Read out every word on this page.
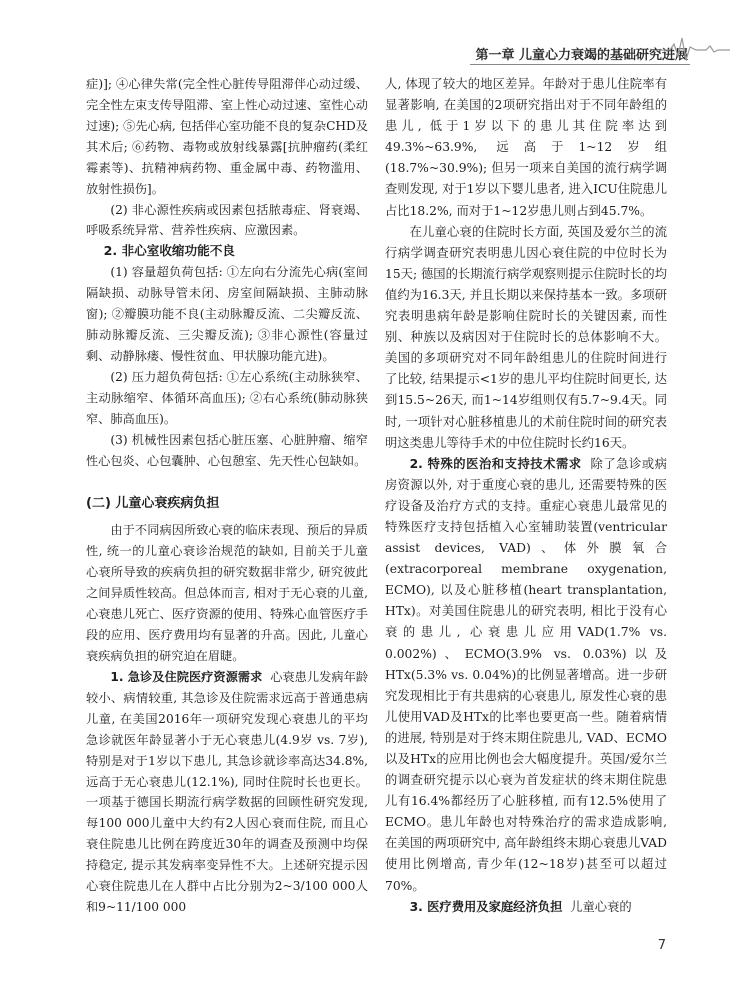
第一章 儿童心力衰竭的基础研究进展

症)]; ④心律失常(完全性心脏传导阻滞伴心动过缓、完全性左束支传导阻滞、室上性心动过速、室性心动过速); ⑤先心病, 包括伴心室功能不良的复杂CHD及其术后; ⑥药物、毒物或放射线暴露[抗肿瘤药(柔红霉素等)、抗精神病药物、重金属中毒、药物滥用、放射性损伤]。

(2) 非心源性疾病或因素包括脓毒症、肾衰竭、呼吸系统异常、营养性疾病、应激因素。

2. 非心室收缩功能不良

(1) 容量超负荷包括: ①左向右分流先心病(室间隔缺损、动脉导管未闭、房室间隔缺损、主肺动脉窗); ②瓣膜功能不良(主动脉瓣反流、二尖瓣反流、肺动脉瓣反流、三尖瓣反流); ③非心源性(容量过剩、动静脉瘘、慢性贫血、甲状腺功能亢进)。

(2) 压力超负荷包括: ①左心系统(主动脉狭窄、主动脉缩窄、体循环高血压); ②右心系统(肺动脉狭窄、肺高血压)。

(3) 机械性因素包括心脏压塞、心脏肿瘤、缩窄性心包炎、心包囊肿、心包憩室、先天性心包缺如。

(二) 儿童心衰疾病负担

由于不同病因所致心衰的临床表现、预后的异质性, 统一的儿童心衰诊治规范的缺如, 目前关于儿童心衰所导致的疾病负担的研究数据非常少, 研究彼此之间异质性较高。但总体而言, 相对于无心衰的儿童, 心衰患儿死亡、医疗资源的使用、特殊心血管医疗手段的应用、医疗费用均有显著的升高。因此, 儿童心衰疾病负担的研究迫在眉睫。

1. 急诊及住院医疗资源需求 心衰患儿发病年龄较小、病情较重, 其急诊及住院需求远高于普通患病儿童, 在美国2016年一项研究发现心衰患儿的平均急诊就医年龄显著小于无心衰患儿(4.9岁 vs. 7岁), 特别是对于1岁以下患儿, 其急诊就诊率高达34.8%, 远高于无心衰患儿(12.1%), 同时住院时长也更长。一项基于德国长期流行病学数据的回顾性研究发现, 每100 000儿童中大约有2人因心衰而住院, 而且心衰住院患儿比例在跨度近30年的调查及预测中均保持稳定, 提示其发病率变异性不大。上述研究提示因心衰住院患儿在人群中占比分别为2~3/100 000人和9~11/100 000

人, 体现了较大的地区差异。年龄对于患儿住院率有显著影响, 在美国的2项研究指出对于不同年龄组的患儿, 低于1岁以下的患儿其住院率达到49.3%~63.9%, 远高于1~12岁组(18.7%~30.9%); 但另一项来自美国的流行病学调查则发现, 对于1岁以下婴儿患者, 进入ICU住院患儿占比18.2%, 而对于1~12岁患儿则占到45.7%。

在儿童心衰的住院时长方面, 英国及爱尔兰的流行病学调查研究表明患儿因心衰住院的中位时长为15天; 德国的长期流行病学观察则提示住院时长的均值约为16.3天, 并且长期以来保持基本一致。多项研究表明患病年龄是影响住院时长的关键因素, 而性别、种族以及病因对于住院时长的总体影响不大。美国的多项研究对不同年龄组患儿的住院时间进行了比较, 结果提示<1岁的患儿平均住院时间更长, 达到15.5~26天, 而1~14岁组则仅有5.7~9.4天。同时, 一项针对心脏移植患儿的术前住院时间的研究表明这类患儿等待手术的中位住院时长约16天。

2. 特殊的医治和支持技术需求 除了急诊或病房资源以外, 对于重度心衰的患儿, 还需要特殊的医疗设备及治疗方式的支持。重症心衰患儿最常见的特殊医疗支持包括植入心室辅助装置(ventricular assist devices, VAD)、体外膜氧合(extracorporeal membrane oxygenation, ECMO), 以及心脏移植(heart transplantation, HTx)。对美国住院患儿的研究表明, 相比于没有心衰的患儿, 心衰患儿应用VAD(1.7% vs. 0.002%)、ECMO(3.9% vs. 0.03%)以及HTx(5.3% vs. 0.04%)的比例显著增高。进一步研究发现相比于有共患病的心衰患儿, 原发性心衰的患儿使用VAD及HTx的比率也要更高一些。随着病情的进展, 特别是对于终末期住院患儿, VAD、ECMO以及HTx的应用比例也会大幅度提升。英国/爱尔兰的调查研究提示以心衰为首发症状的终末期住院患儿有16.4%都经历了心脏移植, 而有12.5%使用了ECMO。患儿年龄也对特殊治疗的需求造成影响, 在美国的两项研究中, 高年龄组终末期心衰患儿VAD使用比例增高, 青少年(12~18岁)甚至可以超过70%。

3. 医疗费用及家庭经济负担 儿童心衰的

7
